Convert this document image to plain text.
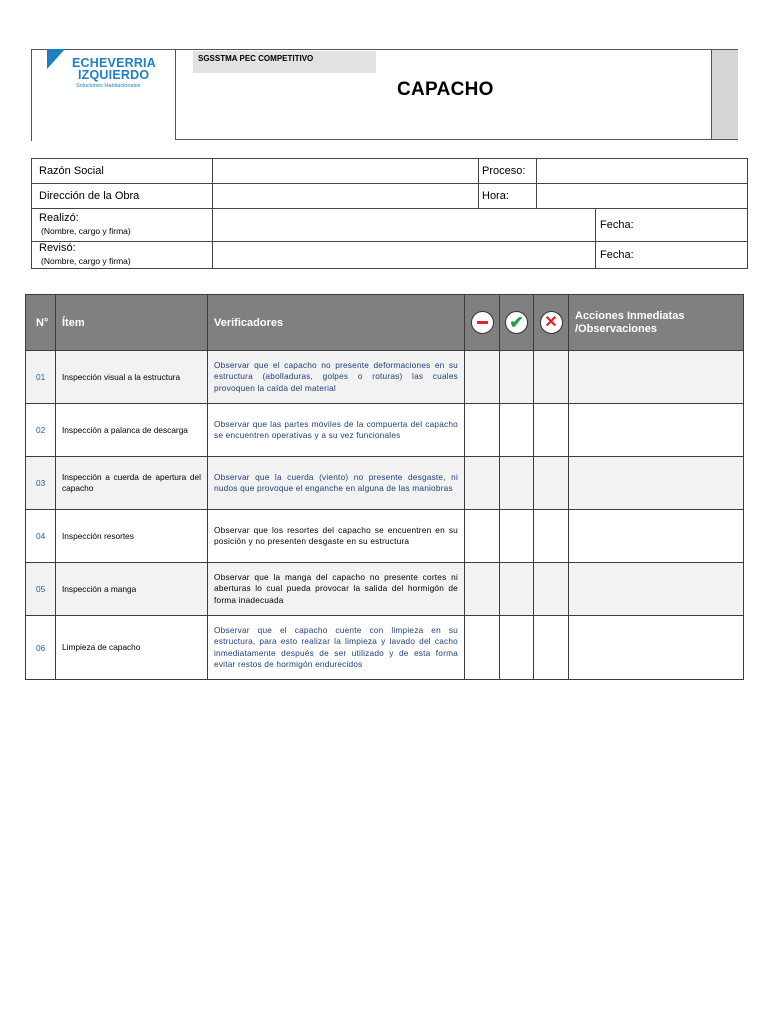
ECHEVERRIA
IZQUIERDO
Soluciones Habitacionales
SGSSTMA PEC COMPETITIVO
CAPACHO
Razón Social	Proceso:
Dirección de la Obra	Hora:
Realizó:
(Nombre, cargo y firma)	Fecha:
Revisó:
(Nombre, cargo y firma)	Fecha:
N°	Ítem	Verificadores		✔	✕	Acciones Inmediatas
/Observaciones
01	Inspección visual a la estructura	Observar que el capacho no presente deformaciones en su estructura (abolladuras, golpes o roturas) las cuales provoquen la caída del material				
02	Inspección a palanca de descarga	Observar que las partes móviles de la compuerta del capacho se encuentren operativas y a su vez funcionales				
03	Inspección a cuerda de apertura del capacho	Observar que la cuerda (viento) no presente desgaste, ni nudos que provoque el enganche en alguna de las maniobras				
04	Inspección resortes	Observar que los resortes del capacho se encuentren en su posición y no presenten desgaste en su estructura				
05	Inspección a manga	Observar que la manga del capacho no presente cortes ni aberturas lo cual pueda provocar la salida del hormigón de forma inadecuada				
06	Limpieza de capacho	Observar que el capacho cuente con limpieza en su estructura, para esto realizar la limpieza y lavado del cacho inmediatamente después de ser utilizado y de esta forma evitar restos de hormigón endurecidos				
